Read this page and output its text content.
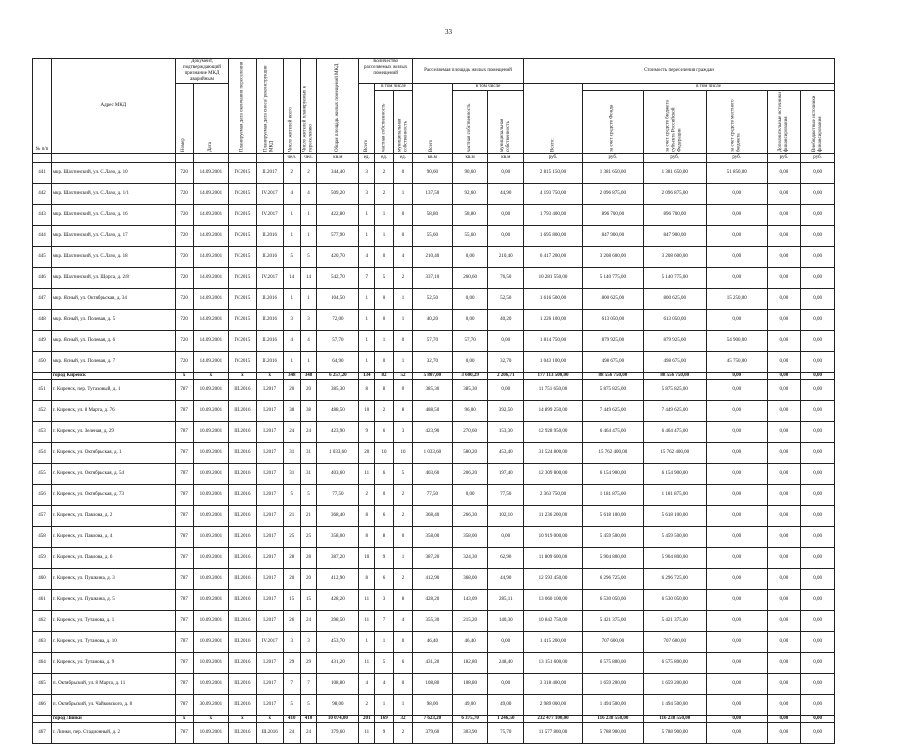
33
№ п/п	Адрес МКД	Документ, подтверждающий признание МКД аварийным		Планируемая дата окончания переселения	Планируемая дата сноса/ реконструкции МКД	Число жителей всего	Число жителей планируемых к переселению	Общая площадь жилых помещений МКД	Количество расселяемых жилых помещений			Расселяемая площадь жилых помещений			Стоимость переселения граждан					
		Номер	Дата						Всего	в том числе		Всего	в том числе		Всего:	в том числе				
										частная собственность	муниципальная собственность		частная собственность	муниципальная собственность		за счет средств Фонда	за счет средств бюджета субъекта Российской Федерации	за счет средств местного бюджета	Дополнительные источники финансирования	Внебюджетные источники финансирования
						чел.	чел.	кв.м	ед.	ед.	ед.	кв.м	кв.м	кв.м	руб.	руб.	руб.	руб.	руб.	руб.
441	мкр. Шахтинский, ул. С.Лазо, д. 10	720	14.09.2001	IV.2015	II.2017	2	2	344,40	3	2	0	90,60	90,60	0,00	2 815 150,00	1 381 650,00	1 381 650,00	51 850,00	0,00	0,00
442	мкр. Шахтинский, ул. С.Лазо, д. 1/1	720	14.09.2001	IV.2015	IV.2017	4	4	509,20	3	2	1	137,50	92,60	44,90	4 193 750,00	2 096 875,00	2 096 875,00	0,00	0,00	0,00
443	мкр. Шахтинский, ул. С.Лазо, д. 16	720	14.09.2001	IV.2015	IV.2017	1	1	422,80	1	1	0	58,80	58,80	0,00	1 793 400,00	896 700,00	896 700,00	0,00	0,00	0,00
444	мкр. Шахтинский, ул. С.Лазо, д. 17	720	14.09.2001	IV.2015	II.2016	1	1	577,90	1	1	0	55,60	55,60	0,00	1 695 800,00	847 900,00	847 900,00	0,00	0,00	0,00
445	мкр. Шахтинский, ул. С.Лазо, д. 18	720	14.09.2001	IV.2015	II.2016	5	5	420,70	4	0	4	210,40	0,00	210,40	6 417 200,00	3 208 600,00	3 208 600,00	0,00	0,00	0,00
446	мкр. Шахтинский, ул. Щорса, д. 2/8	720	14.09.2001	IV.2015	IV.2017	14	14	542,70	7	5	2	337,10	260,60	76,50	10 281 550,00	5 140 775,00	5 140 775,00	0,00	0,00	0,00
447	мкр. Ясный, ул. Октябрьская, д. 34	720	14.09.2001	IV.2015	II.2016	1	1	104,50	1	0	1	52,50	0,00	52,50	1 616 500,00	800 625,00	800 625,00	15 250,00	0,00	0,00
448	мкр. Ясный, ул. Полевая, д. 5	720	14.09.2001	IV.2015	II.2016	3	3	72,00	1	0	1	40,20	0,00	40,20	1 226 100,00	613 050,00	613 050,00	0,00	0,00	0,00
449	мкр. Ясный, ул. Полевая, д. 6	720	14.09.2001	IV.2015	II.2016	4	4	57,70	1	1	0	57,70	57,70	0,00	1 814 750,00	879 925,00	879 925,00	54 900,00	0,00	0,00
450	мкр. Ясный, ул. Полевая, д. 7	720	14.09.2001	IV.2015	II.2016	1	1	64,90	1	0	1	32,70	0,00	32,70	1 043 100,00	498 675,00	498 675,00	45 750,00	0,00	0,00
	город Киренск	x	x	x	x	348	348	6 257,20	134	82	52	5 807,00	3 600,29	2 206,71	177 113 500,00	88 556 750,00	88 556 750,00	0,00	0,00	0,00
451	г. Киренск, пер. Тутаховый, д. 1	787	10.09.2001	III.2016	I.2017	20	20	385,30	8	8	0	385,30	385,30	0,00	11 751 650,00	5 875 825,00	5 875 825,00	0,00	0,00	0,00
452	г. Киренск, ул. 8 Марта, д. 76	787	10.09.2001	III.2016	I.2017	38	38	488,50	10	2	8	488,50	96,00	392,50	14 899 250,00	7 449 625,00	7 449 625,00	0,00	0,00	0,00
453	г. Киренск, ул. Зеленая, д. 29	787	10.09.2001	III.2016	I.2017	24	24	423,90	9	6	3	423,90	270,60	153,30	12 928 950,00	6 464 475,00	6 464 475,00	0,00	0,00	0,00
454	г. Киренск, ул. Октябрьская, д. 1	787	10.09.2001	III.2016	I.2017	31	31	1 033,60	20	10	10	1 033,60	580,20	453,40	31 524 800,00	15 762 400,00	15 762 400,00	0,00	0,00	0,00
455	г. Киренск, ул. Октябрьская, д. 54	787	10.09.2001	III.2016	I.2017	31	31	403,60	11	6	5	403,60	206,20	197,40	12 309 800,00	6 154 900,00	6 154 900,00	0,00	0,00	0,00
456	г. Киренск, ул. Октябрьская, д. 73	787	10.09.2001	III.2016	I.2017	5	5	77,50	2	0	2	77,50	0,00	77,50	2 363 750,00	1 181 875,00	1 181 875,00	0,00	0,00	0,00
457	г. Киренск, ул. Павлова, д. 2	787	10.09.2001	III.2016	I.2017	21	21	368,40	8	6	2	368,40	266,30	102,10	11 236 200,00	5 618 100,00	5 618 100,00	0,00	0,00	0,00
458	г. Киренск, ул. Павлова, д. 4	787	10.09.2001	III.2016	I.2017	25	25	358,00	8	8	0	358,00	358,00	0,00	10 919 000,00	5 459 500,00	5 459 500,00	0,00	0,00	0,00
459	г. Киренск, ул. Павлова, д. 6	787	10.09.2001	III.2016	I.2017	28	28	387,20	10	9	1	387,20	324,30	62,90	11 809 600,00	5 904 800,00	5 904 800,00	0,00	0,00	0,00
460	г. Киренск, ул. Пушкина, д. 3	787	10.09.2001	III.2016	I.2017	20	20	412,90	8	6	2	412,90	368,00	44,90	12 593 450,00	6 296 725,00	6 296 725,00	0,00	0,00	0,00
461	г. Киренск, ул. Пушкина, д. 5	787	10.09.2001	III.2016	I.2017	15	15	428,20	11	3	8	428,20	143,09	285,11	13 060 100,00	6 530 050,00	6 530 050,00	0,00	0,00	0,00
462	г. Киренск, ул. Тутанова, д. 1	787	10.09.2001	III.2016	I.2017	26	24	398,50	11	7	4	355,30	215,20	140,30	10 842 750,00	5 421 375,00	5 421 375,00	0,00	0,00	0,00
463	г. Киренск, ул. Тутанова, д. 10	787	10.09.2001	III.2016	IV.2017	3	3	453,70	1	1	0	46,40	46,40	0,00	1 415 200,00	707 600,00	707 600,00	0,00	0,00	0,00
464	г. Киренск, ул. Тутанова, д. 9	787	10.09.2001	III.2016	I.2017	29	29	431,20	11	5	6	431,20	182,80	248,40	13 151 600,00	6 575 800,00	6 575 800,00	0,00	0,00	0,00
465	п. Октябрьский, ул. 8 Марта, д. 11	787	10.09.2001	III.2016	I.2017	7	7	108,80	4	4	0	108,80	108,80	0,00	3 318 400,00	1 659 200,00	1 659 200,00	0,00	0,00	0,00
466	п. Октябрьский, ул. Чайковского, д. 8	787	30.09.2001	III.2016	I.2017	5	5	98,00	2	1	1	98,00	49,00	49,00	2 989 000,00	1 494 500,00	1 494 500,00	0,00	0,00	0,00
	город Линки	x	x	x	x	410	410	10 074,00	201	169	32	7 623,20	6 375,70	1 246,50	232 477 100,00	116 238 550,00	116 238 550,00	0,00	0,00	0,00
467	г. Линки, пер. Стадионный, д. 2	787	10.09.2001	III.2016	III.2016	24	24	379,60	11	9	2	379,60	303,90	75,70	11 577 800,00	5 788 900,00	5 788 900,00	0,00	0,00	0,00
